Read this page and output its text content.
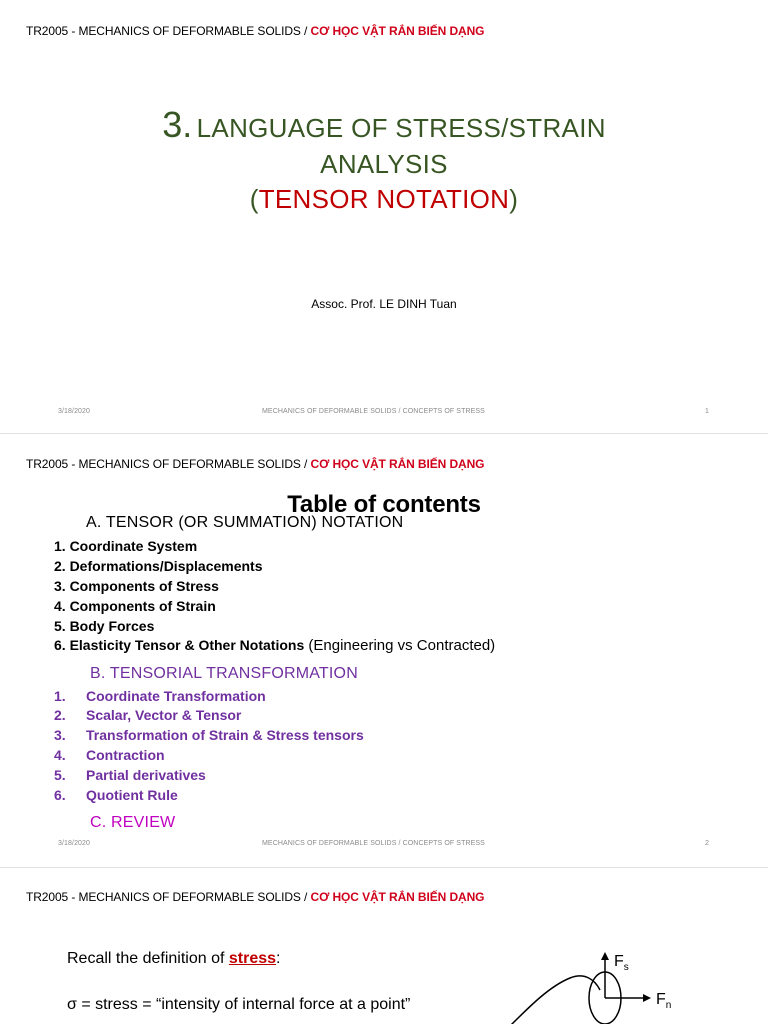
TR2005 - MECHANICS OF DEFORMABLE SOLIDS / CƠ HỌC VẬT RẮN BIẾN DẠNG
3. LANGUAGE OF STRESS/STRAIN
ANALYSIS
(TENSOR NOTATION)
Assoc. Prof. LE DINH Tuan
3/18/2020	MECHANICS OF DEFORMABLE SOLIDS / CONCEPTS OF STRESS	1
TR2005 - MECHANICS OF DEFORMABLE SOLIDS / CƠ HỌC VẬT RẮN BIẾN DẠNG
Table of contents
A. TENSOR (OR SUMMATION) NOTATION
1. Coordinate System
2. Deformations/Displacements
3. Components of Stress
4. Components of Strain
5. Body Forces
6. Elasticity Tensor & Other Notations (Engineering vs Contracted)
B. TENSORIAL TRANSFORMATION
1. Coordinate Transformation
2. Scalar, Vector & Tensor
3. Transformation of Strain & Stress tensors
4. Contraction
5. Partial derivatives
6. Quotient Rule
C. REVIEW
3/18/2020	MECHANICS OF DEFORMABLE SOLIDS / CONCEPTS OF STRESS	2
TR2005 - MECHANICS OF DEFORMABLE SOLIDS / CƠ HỌC VẬT RẮN BIẾN DẠNG
Recall the definition of stress:
σ = stress = “intensity of internal force at a point”
$F_s$
$F_n$
